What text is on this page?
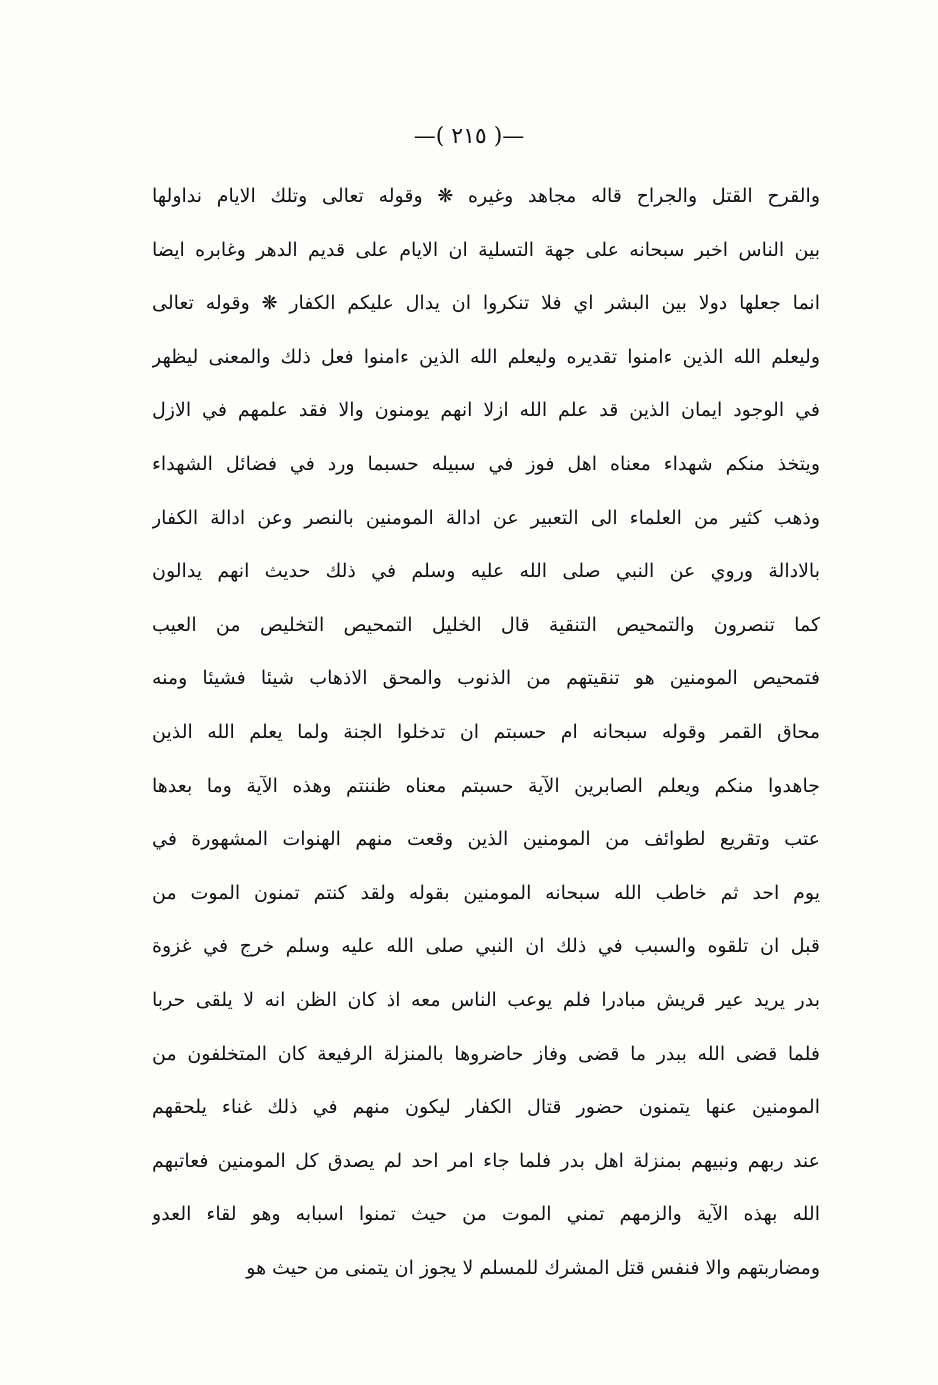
—( ٢١٥ )—
والقرح القتل والجراح قاله مجاهد وغيره ❋ وقوله تعالى وتلك الايام نداولها
بين الناس اخبر سبحانه على جهة التسلية ان الايام على قديم الدهر وغابره ايضا
انما جعلها دولا بين البشر اي فلا تنكروا ان يدال عليكم الكفار ❋ وقوله تعالى
وليعلم الله الذين ءامنوا تقديره وليعلم الله الذين ءامنوا فعل ذلك والمعنى ليظهر
في الوجود ايمان الذين قد علم الله ازلا انهم يومنون والا فقد علمهم في الازل
ويتخذ منكم شهداء معناه اهل فوز في سبيله حسبما ورد في فضائل الشهداء
وذهب كثير من العلماء الى التعبير عن ادالة المومنين بالنصر وعن ادالة الكفار
بالادالة وروي عن النبي صلى الله عليه وسلم في ذلك حديث انهم يدالون
كما تنصرون والتمحيص التنقية قال الخليل التمحيص التخليص من العيب
فتمحيص المومنين هو تنقيتهم من الذنوب والمحق الاذهاب شيئا فشيئا ومنه
محاق القمر وقوله سبحانه ام حسبتم ان تدخلوا الجنة ولما يعلم الله الذين
جاهدوا منكم ويعلم الصابرين الآية حسبتم معناه ظننتم وهذه الآية وما بعدها
عتب وتقريع لطوائف من المومنين الذين وقعت منهم الهنوات المشهورة في
يوم احد ثم خاطب الله سبحانه المومنين بقوله ولقد كنتم تمنون الموت من
قبل ان تلقوه والسبب في ذلك ان النبي صلى الله عليه وسلم خرج في غزوة
بدر يريد عير قريش مبادرا فلم يوعب الناس معه اذ كان الظن انه لا يلقى حربا
فلما قضى الله ببدر ما قضى وفاز حاضروها بالمنزلة الرفيعة كان المتخلفون من
المومنين عنها يتمنون حضور قتال الكفار ليكون منهم في ذلك غناء يلحقهم
عند ربهم ونبيهم بمنزلة اهل بدر فلما جاء امر احد لم يصدق كل المومنين فعاتبهم
الله بهذه الآية والزمهم تمني الموت من حيث تمنوا اسبابه وهو لقاء العدو
ومضاربتهم والا فنفس قتل المشرك للمسلم لا يجوز ان يتمنى من حيث هو
